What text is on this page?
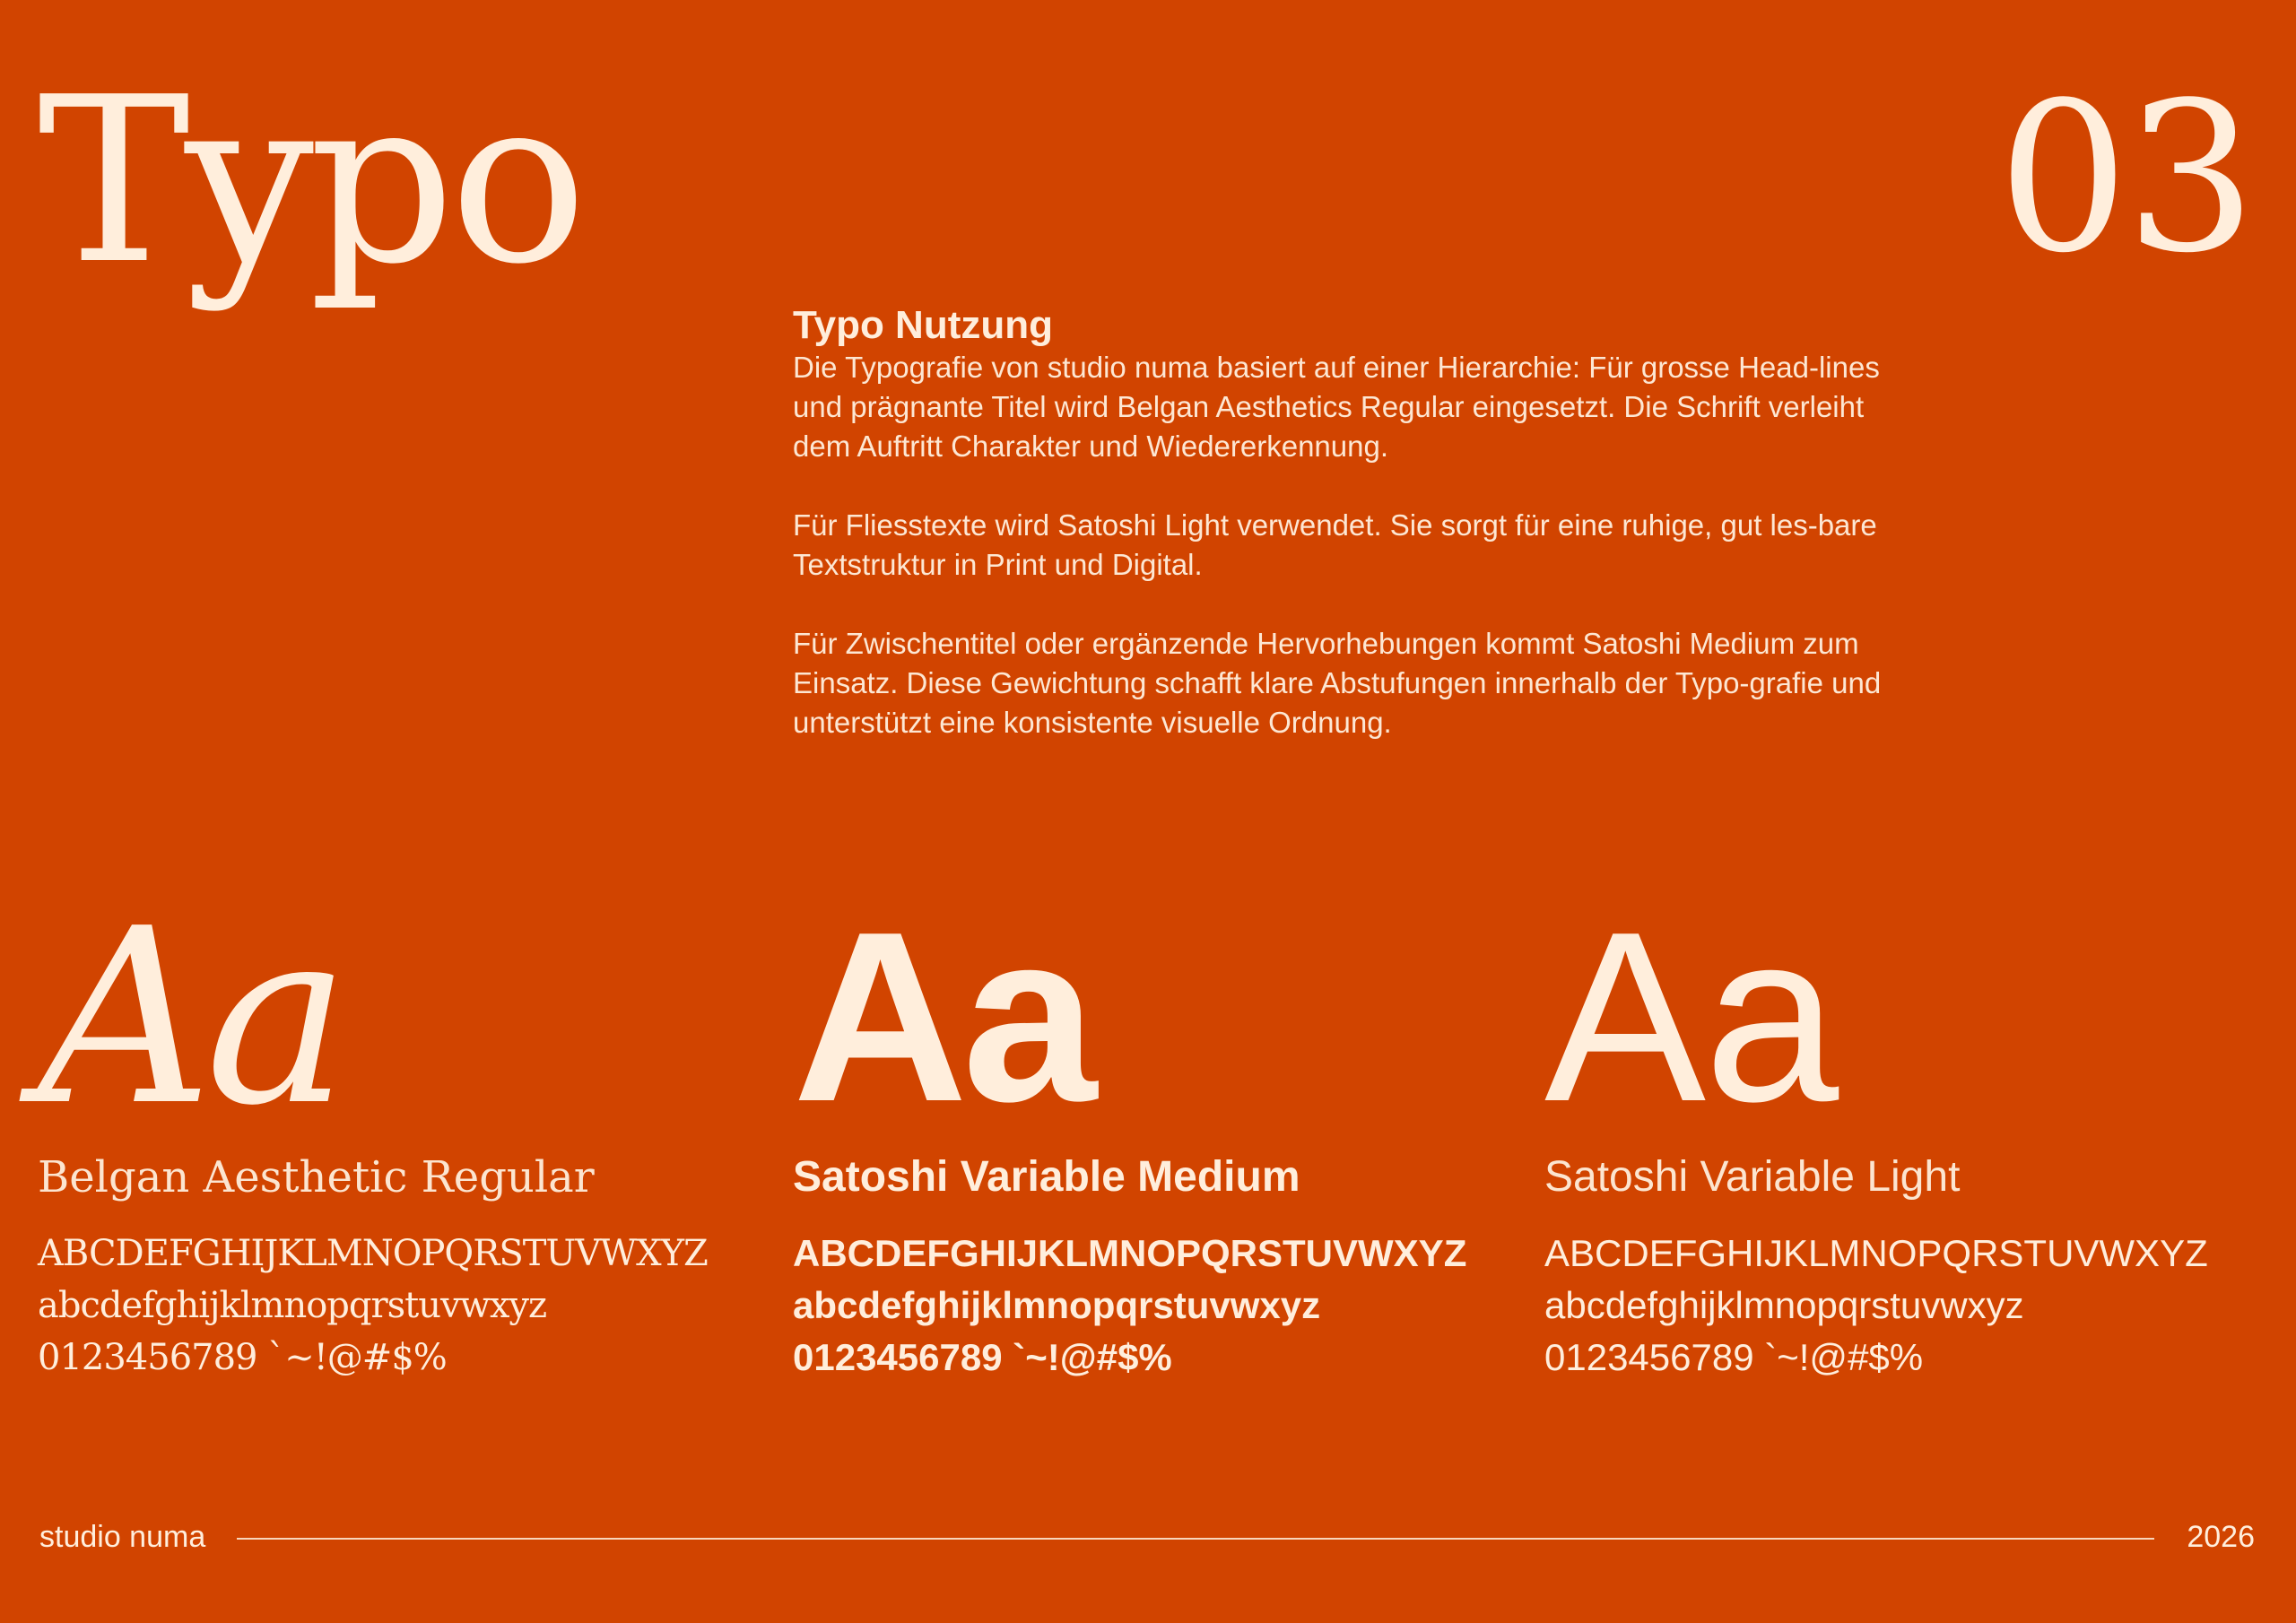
Typo	03
Typo Nutzung

Die Typografie von studio numa basiert auf einer Hierarchie: Für grosse Head-lines und prägnante Titel wird Belgan Aesthetics Regular eingesetzt. Die Schrift verleiht dem Auftritt Charakter und Wiedererkennung.

Für Fliesstexte wird Satoshi Light verwendet. Sie sorgt für eine ruhige, gut les-bare Textstruktur in Print und Digital.

Für Zwischentitel oder ergänzende Hervorhebungen kommt Satoshi Medium zum Einsatz. Diese Gewichtung schafft klare Abstufungen innerhalb der Typo-grafie und unterstützt eine konsistente visuelle Ordnung.

Aa
Belgan Aesthetic Regular
ABCDEFGHIJKLMNOPQRSTUVWXYZ
abcdefghijklmnopqrstuvwxyz
0123456789 `~!@#$%
Aa
Satoshi Variable Medium
ABCDEFGHIJKLMNOPQRSTUVWXYZ
abcdefghijklmnopqrstuvwxyz
0123456789 `~!@#$%
Aa
Satoshi Variable Light
ABCDEFGHIJKLMNOPQRSTUVWXYZ
abcdefghijklmnopqrstuvwxyz
0123456789 `~!@#$%
studio numa	2026
